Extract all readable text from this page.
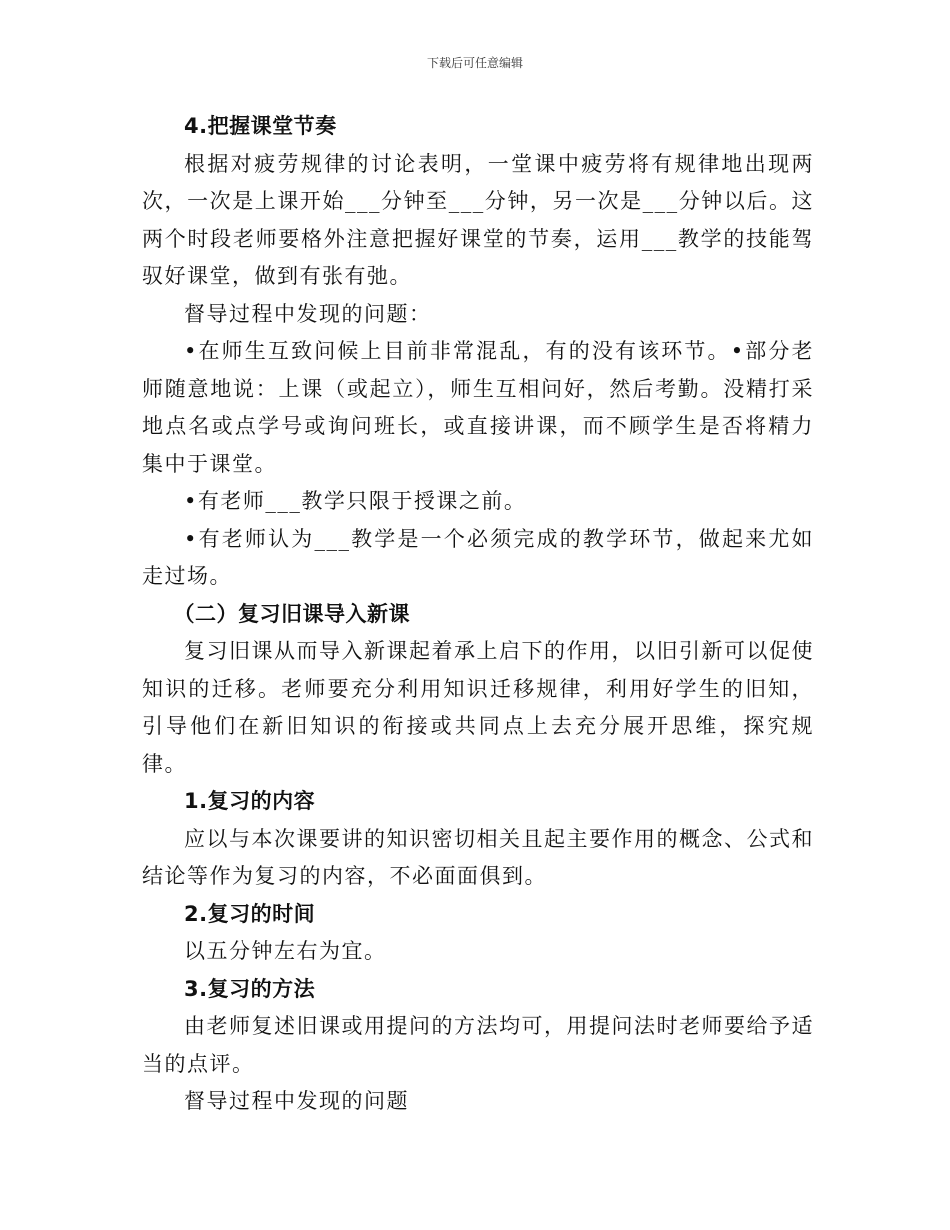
下载后可任意编辑
4.把握课堂节奏

根据对疲劳规律的讨论表明，一堂课中疲劳将有规律地出现两次，一次是上课开始___分钟至___分钟，另一次是___分钟以后。这两个时段老师要格外注意把握好课堂的节奏，运用___教学的技能驾驭好课堂，做到有张有弛。

督导过程中发现的问题：

•在师生互致问候上目前非常混乱，有的没有该环节。•部分老师随意地说：上课（或起立），师生互相问好，然后考勤。没精打采地点名或点学号或询问班长，或直接讲课，而不顾学生是否将精力集中于课堂。

•有老师___教学只限于授课之前。

•有老师认为___教学是一个必须完成的教学环节，做起来尤如走过场。

（二）复习旧课导入新课

复习旧课从而导入新课起着承上启下的作用，以旧引新可以促使知识的迁移。老师要充分利用知识迁移规律，利用好学生的旧知，引导他们在新旧知识的衔接或共同点上去充分展开思维，探究规律。

1.复习的内容

应以与本次课要讲的知识密切相关且起主要作用的概念、公式和结论等作为复习的内容，不必面面俱到。

2.复习的时间

以五分钟左右为宜。

3.复习的方法

由老师复述旧课或用提问的方法均可，用提问法时老师要给予适当的点评。

督导过程中发现的问题
